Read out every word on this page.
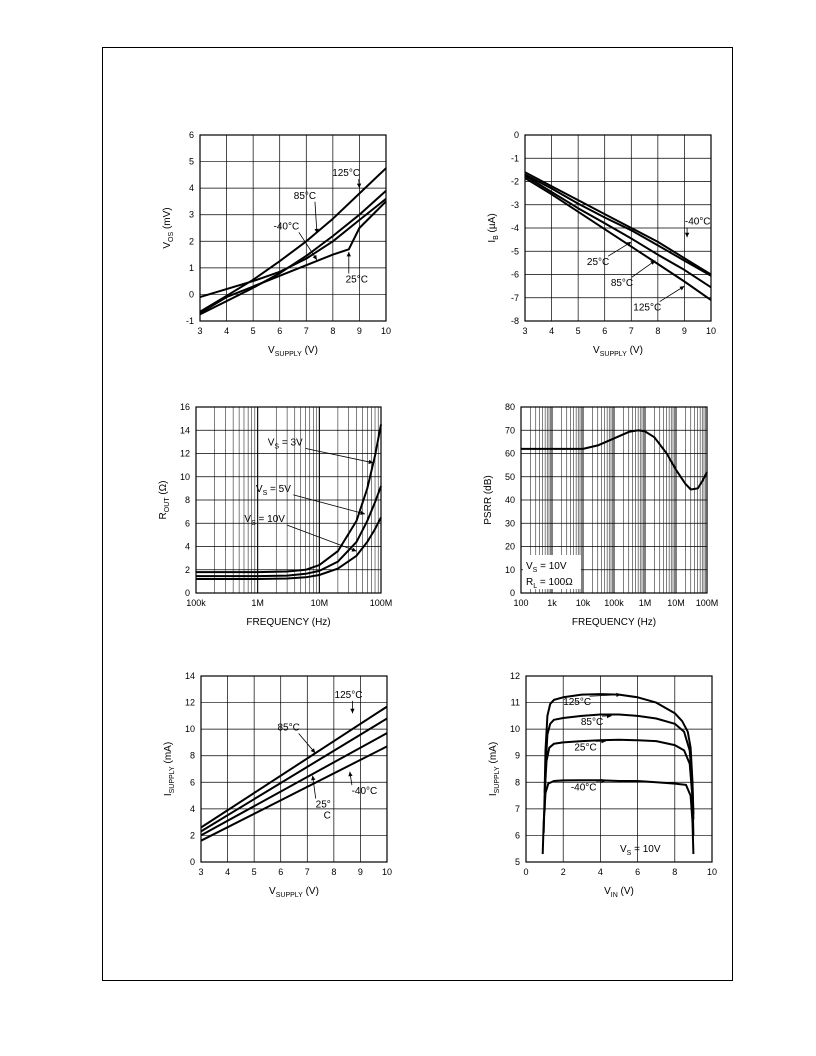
3 4 5 6 7 8 9 10
-1
0
1
2
3
4
5
6
$V_{SUPPLY}$ (V)
$V_{OS}$ (mV)
125°C
85°C
-40°C
25°C
3 4 5 6 7 8 9 10
-8
-7
-6
-5
-4
-3
-2
-1
0
$V_{SUPPLY}$ (V)
$I_B$ (µA)	-40°C
25°C
85°C
125°C
100k	1M	10M	100M
0
2
4
6
8
10
12
14
16
FREQUENCY (Hz)
$R_{OUT}$ (Ω)
$V_S = 3V$
$V_S = 5V$
$V_S = 10V$
100 1k 10k 100k 1M 10M 100M
0
10
20
30
40
50
60
70
80
FREQUENCY (Hz)
PSRR (dB)
$V_S = 10V$
$R_L = 100\Omega$
3 4 5 6 7 8 9 10
0
2
4
6
8
10
12
14
$V_{SUPPLY}$ (V)
$I_{SUPPLY}$ (mA)
125°C
85°C
25°
C
-40°C
0	2	4	6	8	10
5
6
7
8
9
10
11
12
$V_{IN}$ (V)
$I_{SUPPLY}$ (mA)
125°C
85°C
25°C
-40°C
$V_S = 10V$
